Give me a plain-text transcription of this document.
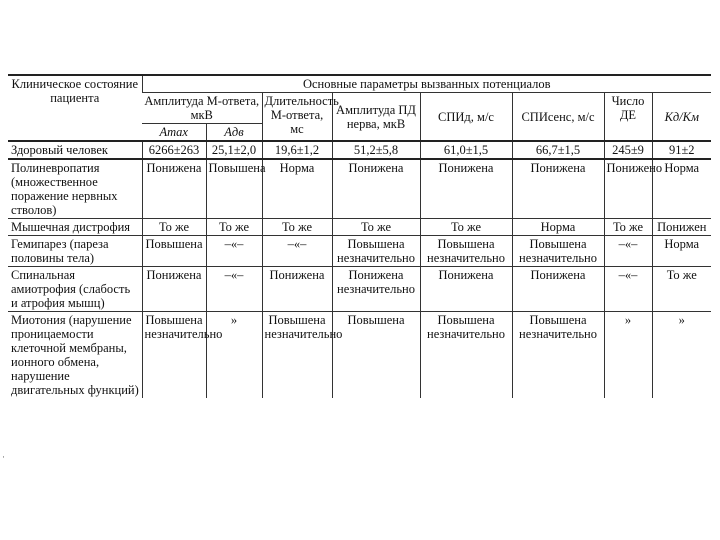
Клиническое состояние пациента	Основные параметры вызванных потенциалов							
	Амплитуда М-ответа, мкВ		Длительность М-ответа, мс	Амплитуда ПД нерва, мкВ	СПИд, м/с	СПИсенс, м/с	Число ДЕ	Кд/Км
	Amax	Aдв						
Здоровый человек	6266±263	25,1±2,0	19,6±1,2	51,2±5,8	61,0±1,5	66,7±1,5	245±9	91±2
Полиневропатия (множественное поражение нервных стволов)	Понижена	Повышена	Норма	Понижена	Понижена	Понижена	Понижено	Норма
Мышечная дистрофия	То же	То же	То же	То же	То же	Норма	То же	Понижен
Гемипарез (пареза половины тела)	Повышена	–«–	–«–	Повышена незначительно	Повышена незначительно	Повышена незначительно	–«–	Норма
Спинальная амиотрофия (слабость и атрофия мышц)	Понижена	–«–	Понижена	Понижена незначительно	Понижена	Понижена	–«–	То же
Миотония (нарушение проницаемости клеточной мембраны, ионного обмена, нарушение двигательных функций)	Повышена незначительно	»	Повышена незначительно	Повышена	Повышена незначительно	Повышена незначительно	»	»
·
